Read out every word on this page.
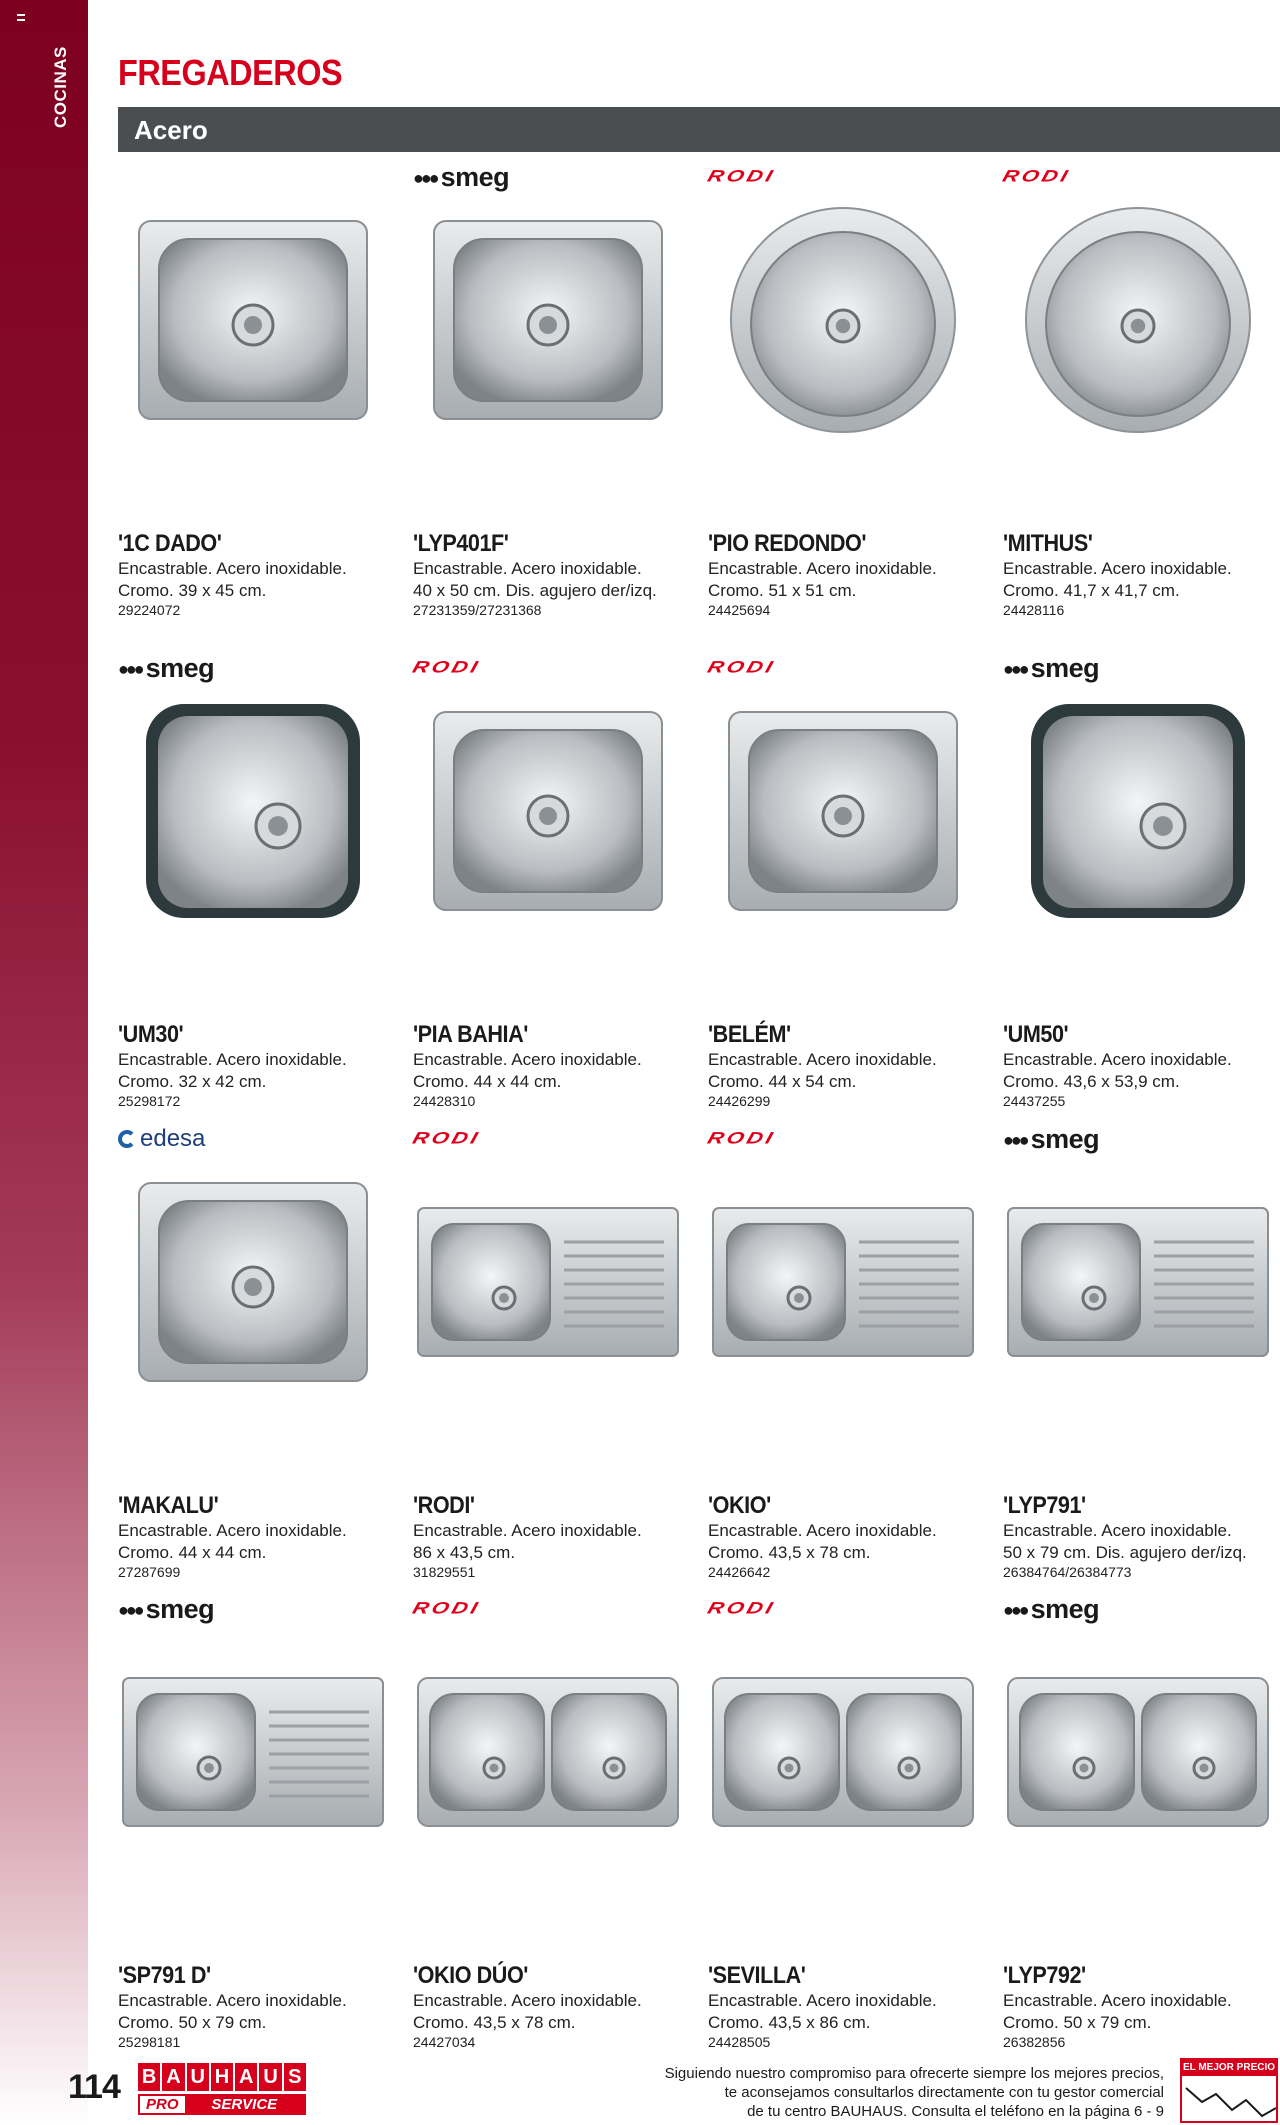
COCINAS FREGADEROS
Acero
'1C DADO'
Encastrable. Acero inoxidable.
Cromo. 39 x 45 cm.
29224072
●●● smeg
'LYP401F'
Encastrable. Acero inoxidable.
40 x 50 cm. Dis. agujero der/izq.
27231359/27231368
RODI
'PIO REDONDO'
Encastrable. Acero inoxidable.
Cromo. 51 x 51 cm.
24425694
RODI
'MITHUS'
Encastrable. Acero inoxidable.
Cromo. 41,7 x 41,7 cm.
24428116
●●● smeg
'UM30'
Encastrable. Acero inoxidable.
Cromo. 32 x 42 cm.
25298172
RODI
'PIA BAHIA'
Encastrable. Acero inoxidable.
Cromo. 44 x 44 cm.
24428310
RODI
'BELÉM'
Encastrable. Acero inoxidable.
Cromo. 44 x 54 cm.
24426299
●●● smeg
'UM50'
Encastrable. Acero inoxidable.
Cromo. 43,6 x 53,9 cm.
24437255
edesa
'MAKALU'
Encastrable. Acero inoxidable.
Cromo. 44 x 44 cm.
27287699
RODI
'RODI'
Encastrable. Acero inoxidable.
86 x 43,5 cm.
31829551
RODI
'OKIO'
Encastrable. Acero inoxidable.
Cromo. 43,5 x 78 cm.
24426642
●●● smeg
'LYP791'
Encastrable. Acero inoxidable.
50 x 79 cm. Dis. agujero der/izq.
26384764/26384773
●●● smeg
'SP791 D'
Encastrable. Acero inoxidable.
Cromo. 50 x 79 cm.
25298181
RODI
'OKIO DÚO'
Encastrable. Acero inoxidable.
Cromo. 43,5 x 78 cm.
24427034
RODI
'SEVILLA'
Encastrable. Acero inoxidable.
Cromo. 43,5 x 86 cm.
24428505
●●● smeg
'LYP792'
Encastrable. Acero inoxidable.
Cromo. 50 x 79 cm.
26382856
114 B A U H A U S
PRO	SERVICE
Siguiendo nuestro compromiso para ofrecerte siempre los mejores precios,
te aconsejamos consultarlos directamente con tu gestor comercial
de tu centro BAUHAUS. Consulta el teléfono en la página 6 - 9
EL MEJOR PRECIO
